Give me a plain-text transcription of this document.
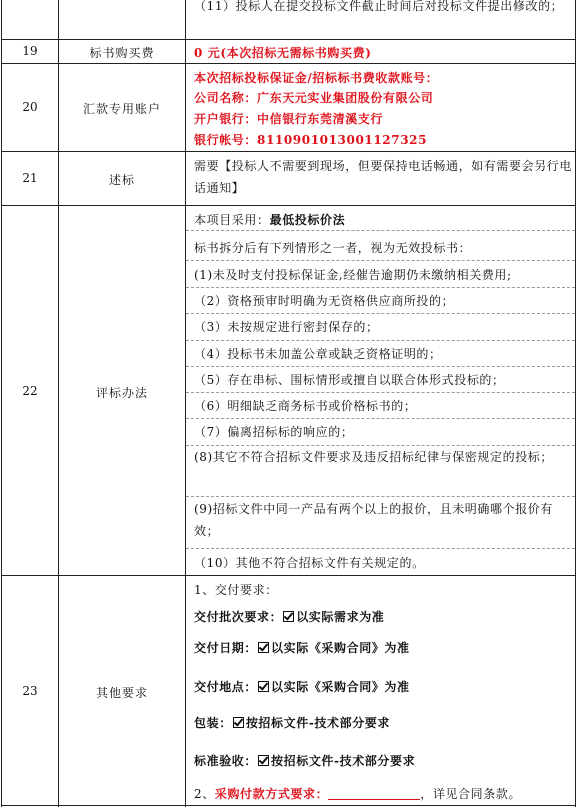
（11）投标人在提交投标文件截止时间后对投标文件提出修改的；
19	标书购买费	0 元(本次招标无需标书购买费)
20	汇款专用账户
本次招标投标保证金/招标标书费收款账号：
公司名称：广东天元实业集团股份有限公司
开户银行：中信银行东莞清溪支行
银行帐号：8110901013001127325
21	述标
需要【投标人不需要到现场，但要保持电话畅通，如有需要会另行电话通知】
22	评标办法
本项目采用：最低投标价法
标书拆分后有下列情形之一者，视为无效投标书：
(1)未及时支付投标保证金,经催告逾期仍未缴纳相关费用;
（2）资格预审时明确为无资格供应商所投的；
（3）未按规定进行密封保存的；
（4）投标书未加盖公章或缺乏资格证明的；
（5）存在串标、围标情形或擅自以联合体形式投标的；
（6）明细缺乏商务标书或价格标书的；
（7）偏离招标标的响应的；
(8)其它不符合招标文件要求及违反招标纪律与保密规定的投标；
(9)招标文件中同一产品有两个以上的报价，且未明确哪个报价有效；
（10）其他不符合招标文件有关规定的。
23	其他要求
1、交付要求：
交付批次要求： 以实际需求为准
交付日期： 以实际《采购合同》为准
交付地点： 以实际《采购合同》为准
包装： 按招标文件-技术部分要求
标准验收： 按招标文件-技术部分要求
2、采购付款方式要求：	，详见合同条款。
